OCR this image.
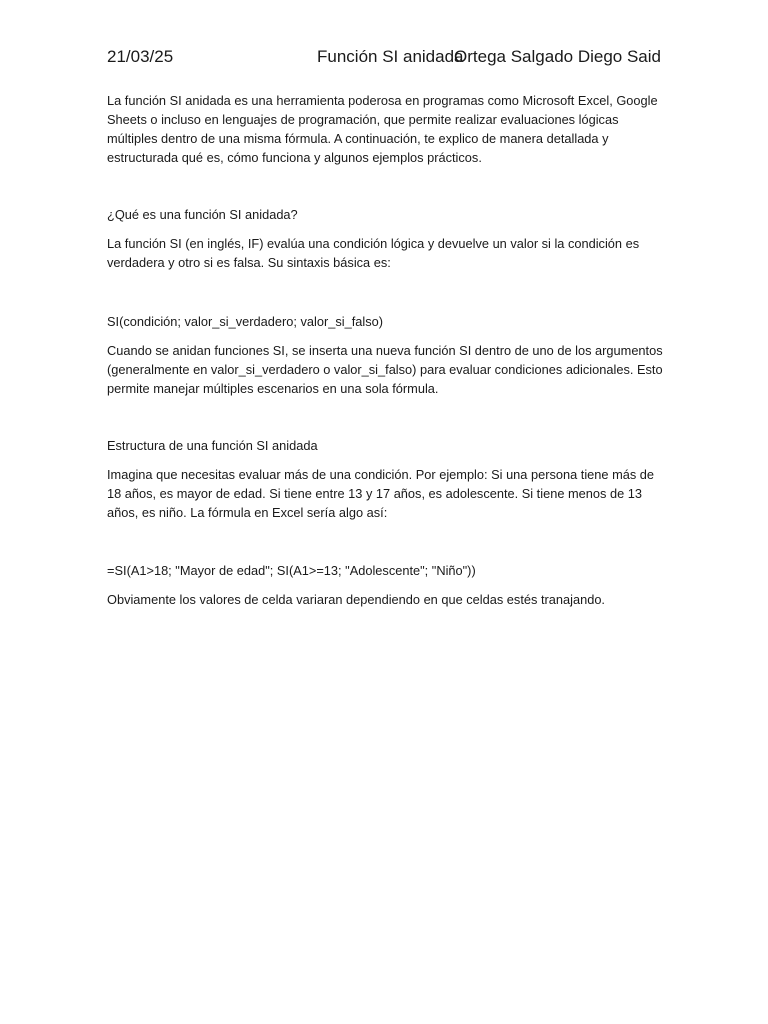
21/03/25	Función SI anidada
Ortega Salgado Diego Said

La función SI anidada es una herramienta poderosa en programas como Microsoft Excel, Google Sheets o incluso en lenguajes de programación, que permite realizar evaluaciones lógicas múltiples dentro de una misma fórmula. A continuación, te explico de manera detallada y estructurada qué es, cómo funciona y algunos ejemplos prácticos.

¿Qué es una función SI anidada?

La función SI (en inglés, IF) evalúa una condición lógica y devuelve un valor si la condición es verdadera y otro si es falsa. Su sintaxis básica es:

SI(condición; valor_si_verdadero; valor_si_falso)

Cuando se anidan funciones SI, se inserta una nueva función SI dentro de uno de los argumentos (generalmente en valor_si_verdadero o valor_si_falso) para evaluar condiciones adicionales. Esto permite manejar múltiples escenarios en una sola fórmula.

Estructura de una función SI anidada

Imagina que necesitas evaluar más de una condición. Por ejemplo: Si una persona tiene más de 18 años, es mayor de edad. Si tiene entre 13 y 17 años, es adolescente. Si tiene menos de 13 años, es niño. La fórmula en Excel sería algo así:

=SI(A1>18; "Mayor de edad"; SI(A1>=13; "Adolescente"; "Niño"))

Obviamente los valores de celda variaran dependiendo en que celdas estés tranajando.
